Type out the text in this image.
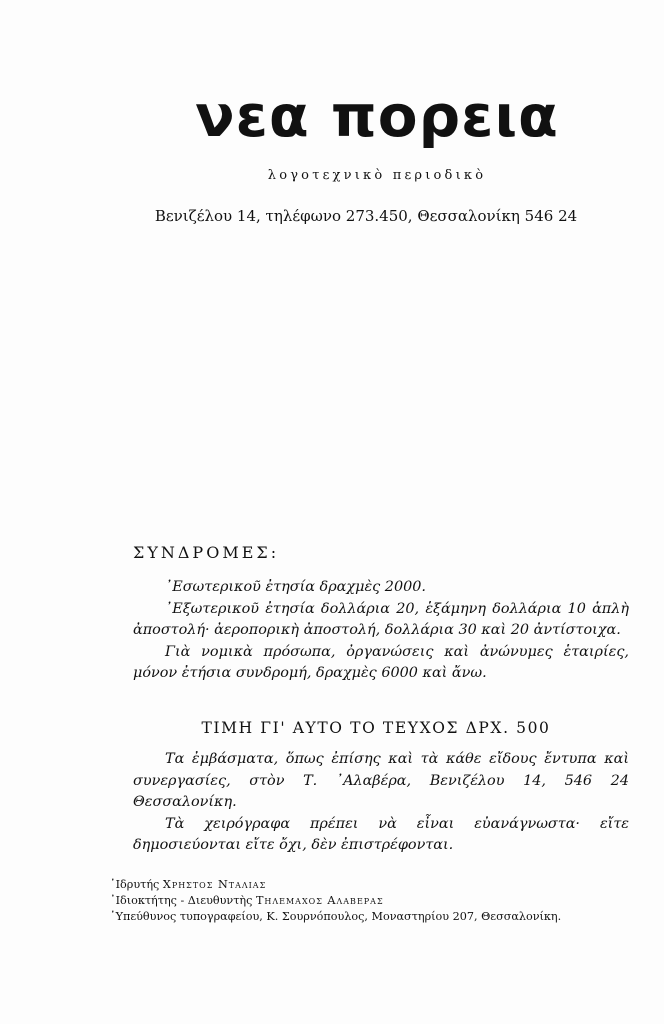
νεα πορεια
λογοτεχνικὸ περιοδικὸ
Βενιζέλου 14, τηλέφωνο 273.450, Θεσσαλονίκη 546 24
ΣΥΝΔΡΟΜΕΣ:

᾿Εσωτερικοῦ ἐτησία δραχμὲς 2000.

᾿Εξωτερικοῦ ἐτησία δολλάρια 20, ἑξάμηνη δολλάρια 10 ἁπλὴ ἀποστολή· ἀεροπορικὴ ἀποστολή, δολλάρια 30 καὶ 20 ἀντίστοιχα.

Γιὰ νομικὰ πρόσωπα, ὀργανώσεις καὶ ἀνώνυμες ἑταιρίες, μόνον ἐτήσια συνδρομή, δραχμὲς 6000 καὶ ἄνω.

ΤΙΜΗ ΓΙ' ΑΥΤΟ ΤΟ ΤΕΥΧΟΣ ΔΡΧ. 500

Τα ἐμβάσματα, ὅπως ἐπίσης καὶ τὰ κάθε εἴδους ἔντυπα καὶ συνεργασίες, στὸν Τ. ᾿Αλαβέρα, Βενιζέλου 14, 546 24 Θεσσαλονίκη.

Τὰ χειρόγραφα πρέπει νὰ εἶναι εὐανάγνωστα· εἴτε δημοσιεύονται εἴτε ὄχι, δὲν ἐπιστρέφονται.

῾Ιδρυτής Χρηστος Ντaλιας
᾿Ιδιοκτήτης - Διευθυντὴς Τηλεμαχος Αλαβερας
῾Υπεύθυνος τυπογραφείου, Κ. Σουρνόπουλος, Μοναστηρίου 207, Θεσσαλονίκη.
